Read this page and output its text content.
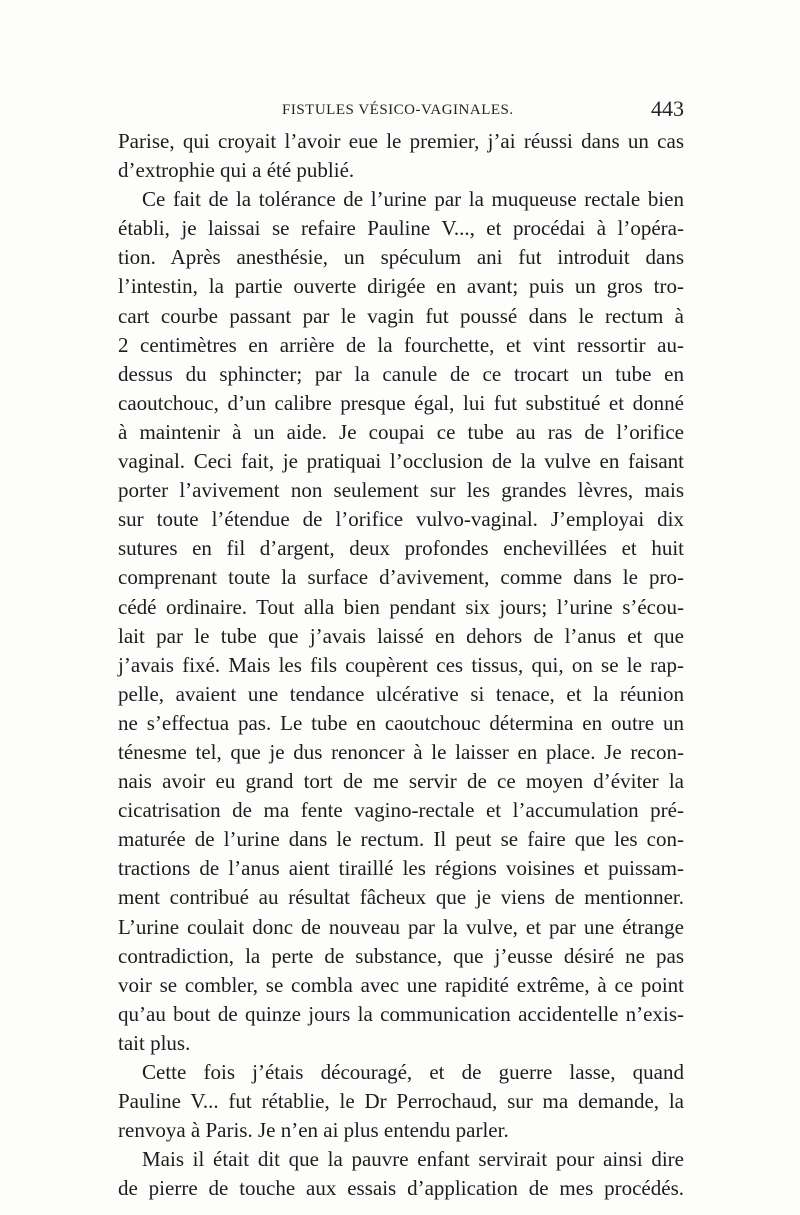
FISTULES VÉSICO-VAGINALES.	443
Parise, qui croyait l’avoir eue le premier, j’ai réussi dans un cas
d’extrophie qui a été publié.
Ce fait de la tolérance de l’urine par la muqueuse rectale bien
établi, je laissai se refaire Pauline V..., et procédai à l’opéra-
tion. Après anesthésie, un spéculum ani fut introduit dans
l’intestin, la partie ouverte dirigée en avant; puis un gros tro-
cart courbe passant par le vagin fut poussé dans le rectum à
2 centimètres en arrière de la fourchette, et vint ressortir au-
dessus du sphincter; par la canule de ce trocart un tube en
caoutchouc, d’un calibre presque égal, lui fut substitué et donné
à maintenir à un aide. Je coupai ce tube au ras de l’orifice
vaginal. Ceci fait, je pratiquai l’occlusion de la vulve en faisant
porter l’avivement non seulement sur les grandes lèvres, mais
sur toute l’étendue de l’orifice vulvo-vaginal. J’employai dix
sutures en fil d’argent, deux profondes enchevillées et huit
comprenant toute la surface d’avivement, comme dans le pro-
cédé ordinaire. Tout alla bien pendant six jours; l’urine s’écou-
lait par le tube que j’avais laissé en dehors de l’anus et que
j’avais fixé. Mais les fils coupèrent ces tissus, qui, on se le rap-
pelle, avaient une tendance ulcérative si tenace, et la réunion
ne s’effectua pas. Le tube en caoutchouc détermina en outre un
ténesme tel, que je dus renoncer à le laisser en place. Je recon-
nais avoir eu grand tort de me servir de ce moyen d’éviter la
cicatrisation de ma fente vagino-rectale et l’accumulation pré-
maturée de l’urine dans le rectum. Il peut se faire que les con-
tractions de l’anus aient tiraillé les régions voisines et puissam-
ment contribué au résultat fâcheux que je viens de mentionner.
L’urine coulait donc de nouveau par la vulve, et par une étrange
contradiction, la perte de substance, que j’eusse désiré ne pas
voir se combler, se combla avec une rapidité extrême, à ce point
qu’au bout de quinze jours la communication accidentelle n’exis-
tait plus.
Cette fois j’étais découragé, et de guerre lasse, quand
Pauline V... fut rétablie, le Dr Perrochaud, sur ma demande, la
renvoya à Paris. Je n’en ai plus entendu parler.
Mais il était dit que la pauvre enfant servirait pour ainsi dire
de pierre de touche aux essais d’application de mes procédés.
